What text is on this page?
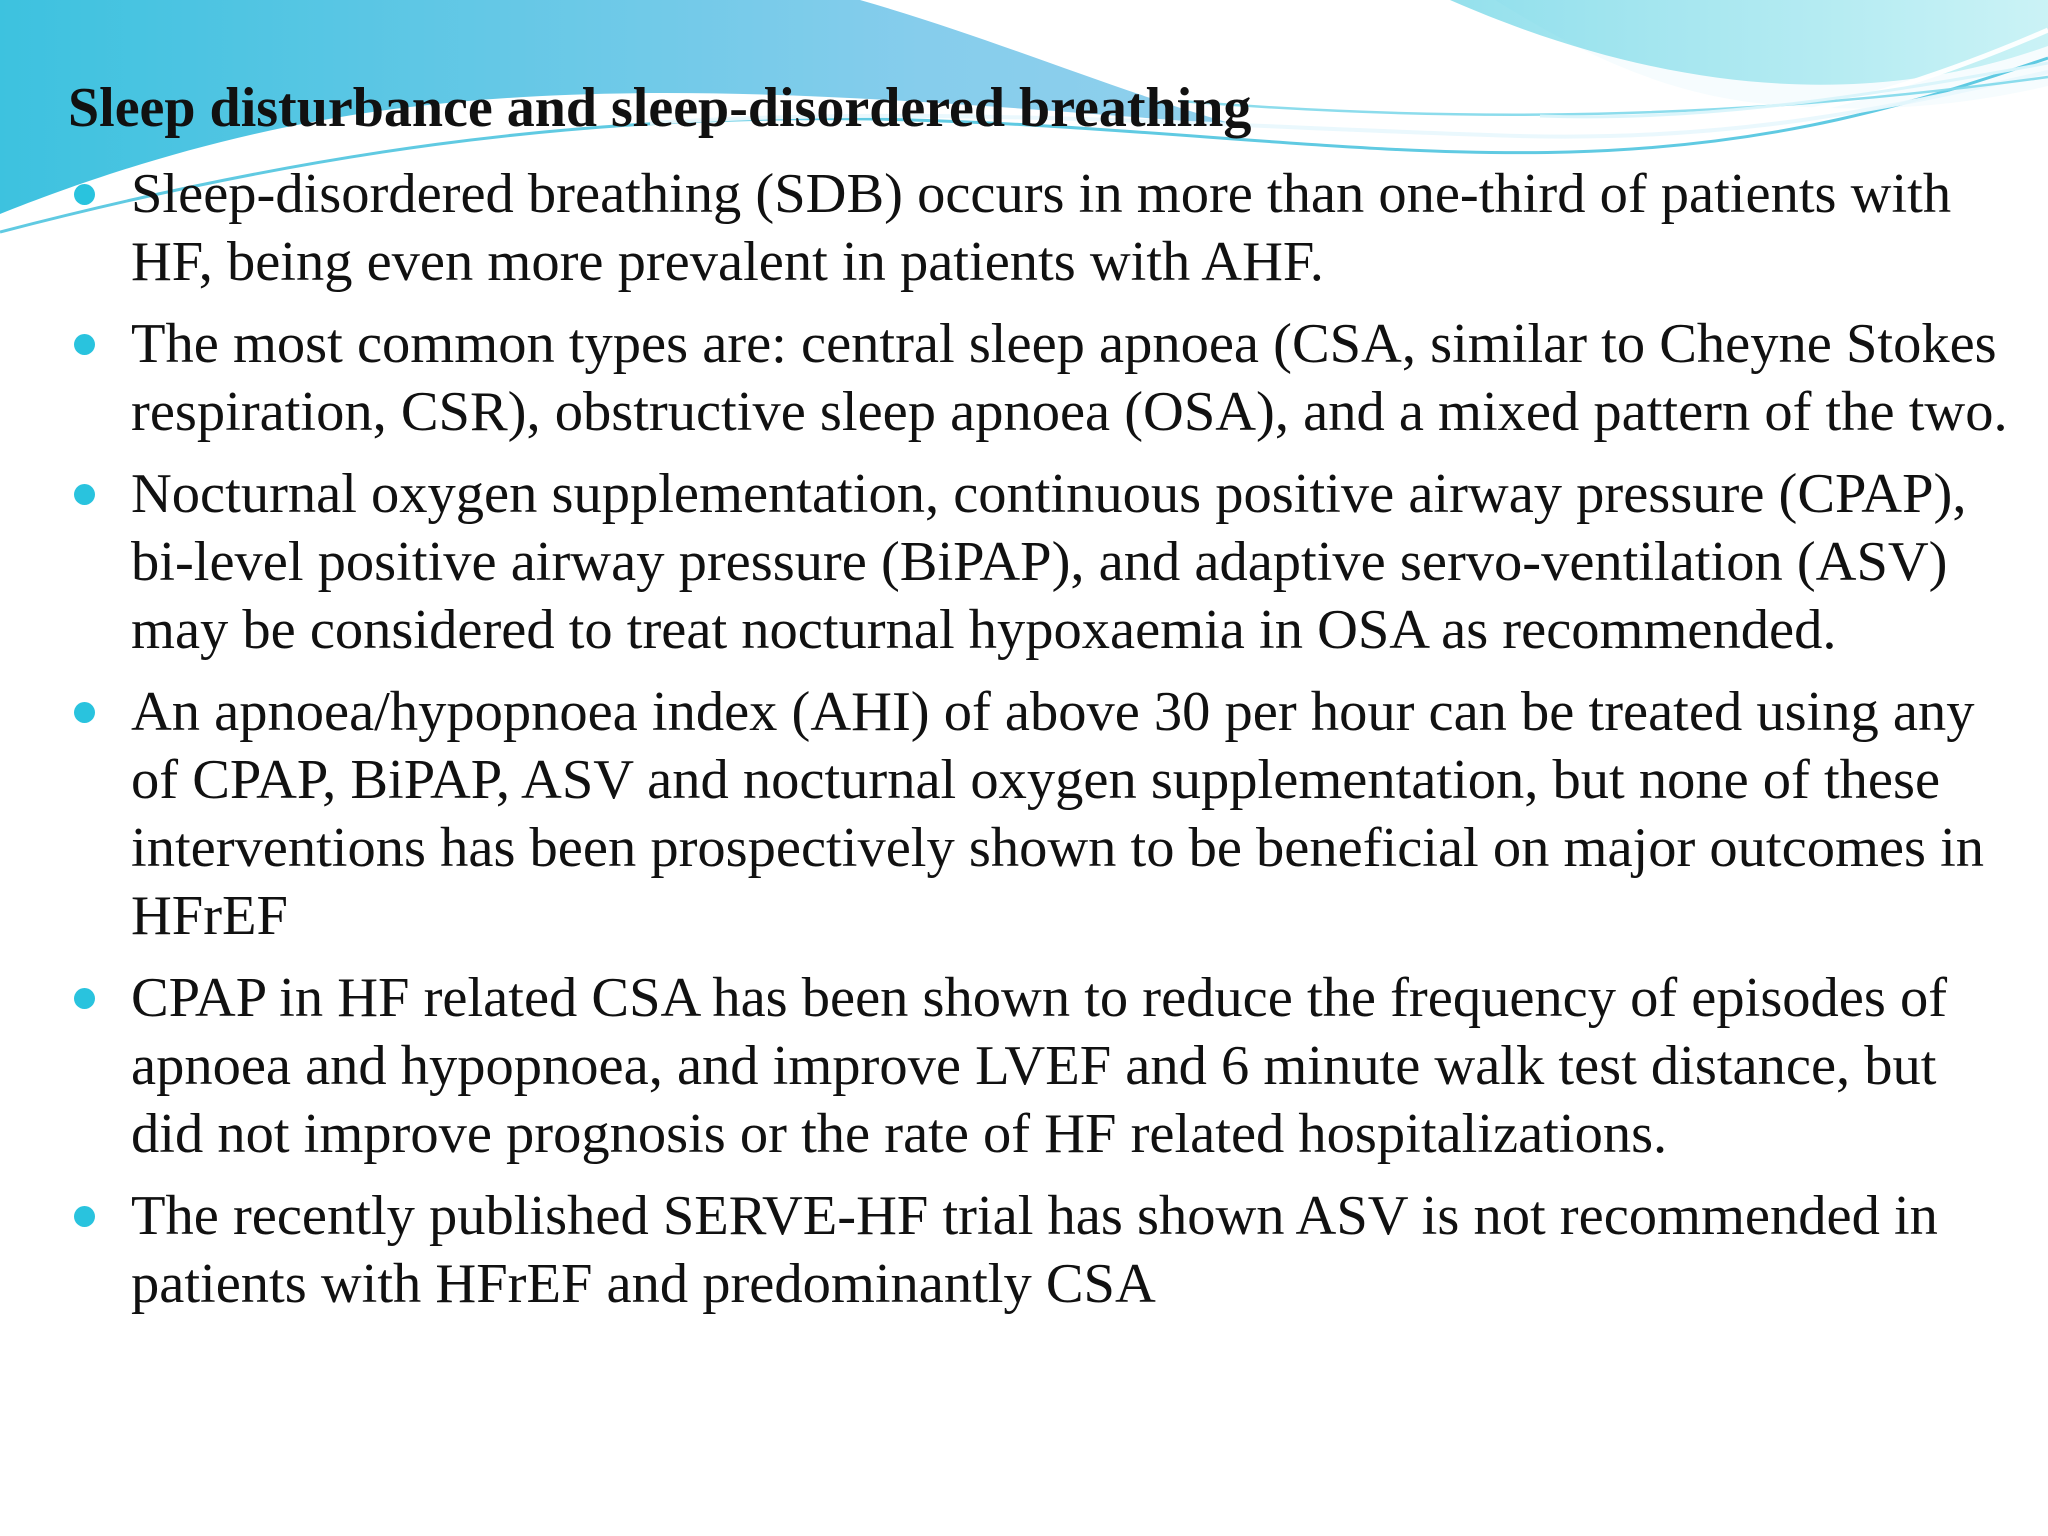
Sleep disturbance and sleep-disordered breathing
Sleep-disordered breathing (SDB) occurs in more than one-third of patients with HF, being even more prevalent in patients with AHF.
The most common types are: central sleep apnoea (CSA, similar to Cheyne Stokes respiration, CSR), obstructive sleep apnoea (OSA), and a mixed pattern of the two.
Nocturnal oxygen supplementation, continuous positive airway pressure (CPAP), bi-level positive airway pressure (BiPAP), and adaptive servo-ventilation (ASV) may be considered to treat nocturnal hypoxaemia in OSA as recommended.
An apnoea/hypopnoea index (AHI) of above 30 per hour can be treated using any of CPAP, BiPAP, ASV and nocturnal oxygen supplementation, but none of these interventions has been prospectively shown to be beneficial on major outcomes in HFrEF
CPAP in HF related CSA has been shown to reduce the frequency of episodes of apnoea and hypopnoea, and improve LVEF and 6 minute walk test distance, but did not improve prognosis or the rate of HF related hospitalizations.
The recently published SERVE-HF trial has shown ASV is not recommended in patients with HFrEF and predominantly CSA
